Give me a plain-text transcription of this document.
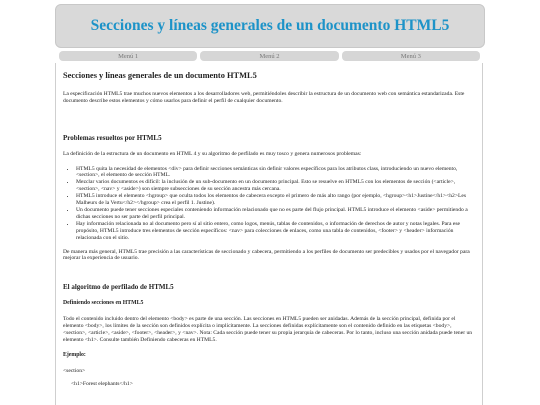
Secciones y líneas generales de un documento HTML5
Menú 1	Menú 2	Menú 3
Secciones y líneas generales de un documento HTML5

La especificación HTML5 trae muchos nuevos elementos a los desarrolladores web, permitiéndoles describir la estructura de un documento web con semántica estandarizada. Este documento describe estos elementos y cómo usarlos para definir el perfil de cualquier documento.

Problemas resueltos por HTML5

La definición de la estructura de un documento en HTML 4 y su algoritmo de perfilado es muy tosco y genera numerosos problemas:

• HTML5 quita la necesidad de elementos <div> para definir secciones semánticas sin definir valores específicos para los atributos class, introduciendo un nuevo elemento, <section>, el elemento de sección HTML.
• Mezclar varios documentos es difícil: la inclusión de un sub-documento en un documento principal. Esto se resuelve en HTML5 con los elementos de sección (<article>, <section>, <nav> y <aside>) son siempre subsecciones de su sección ancestra más cercana.
• HTML5 introduce el elemento <hgroup> que oculta todos los elementos de cabecera excepto el primero de más alto rango (por ejemplo, <hgroup><h1>Justine</h1><h2>Les Malheurs de la Vertu</h2></hgroup> crea el perfil 1. Justine).
• Un documento puede tener secciones especiales conteniendo información relacionado que no es parte del flujo principal. HTML5 introduce el elemento <aside> permitiendo a dichas secciones no ser parte del perfil principal.
• Hay información relacionada no al documento pero sí al sitio entero, como logos, menús, tablas de contenidos, o información de derechos de autor y notas legales. Para ese propósito, HTML5 introduce tres elementos de sección específicos: <nav> para colecciones de enlaces, como una tabla de contenidos, <footer> y <header> información relacionada con el sitio.

De manera más general, HTML5 trae precisión a las características de seccionado y cabecera, permitiendo a los perfiles de documento ser predecibles y usados por el navegador para mejorar la experiencia de usuario.

El algoritmo de perfilado de HTML5
Definiendo secciones en HTML5

Todo el contenido incluido dentro del elemento <body> es parte de una sección. Las secciones en HTML5 pueden ser anidadas. Además de la sección principal, definida por el elemento <body>, los límites de la sección son definidos explícita o implícitamente. La secciones definidas explícitamente son el contenido definido en las etiquetas <body>, <section>, <article>, <aside>, <footer>, <header>, y <nav>. Nota: Cada sección puede tener su propia jerarquía de cabeceras. Por lo tanto, incluso una sección anidada puede tener un elemento <h1>. Consulte también Definiendo cabeceras en HTML5.

Ejemplo:
<section>
<h1>Forest elephants</h1>
